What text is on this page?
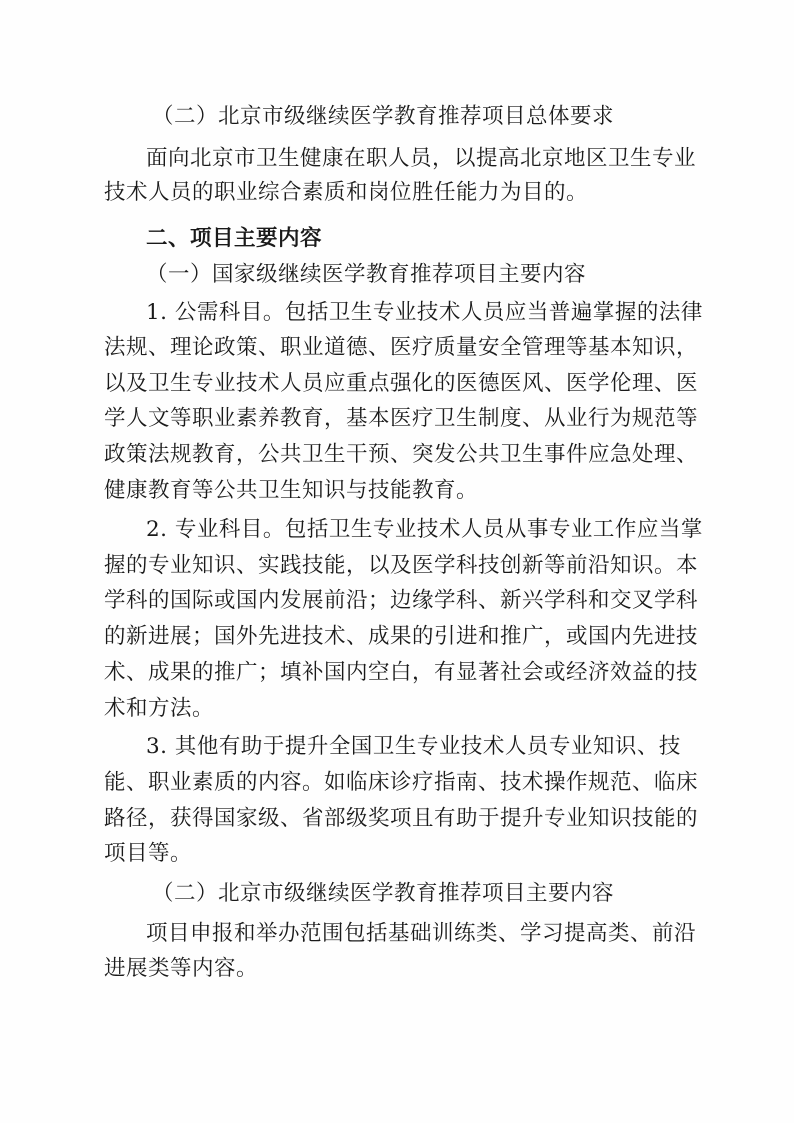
（二）北京市级继续医学教育推荐项目总体要求
面向北京市卫生健康在职人员，以提高北京地区卫生专业
技术人员的职业综合素质和岗位胜任能力为目的。
二、项目主要内容
（一）国家级继续医学教育推荐项目主要内容
1. 公需科目。包括卫生专业技术人员应当普遍掌握的法律
法规、理论政策、职业道德、医疗质量安全管理等基本知识，
以及卫生专业技术人员应重点强化的医德医风、医学伦理、医
学人文等职业素养教育，基本医疗卫生制度、从业行为规范等
政策法规教育，公共卫生干预、突发公共卫生事件应急处理、
健康教育等公共卫生知识与技能教育。
2. 专业科目。包括卫生专业技术人员从事专业工作应当掌
握的专业知识、实践技能，以及医学科技创新等前沿知识。本
学科的国际或国内发展前沿；边缘学科、新兴学科和交叉学科
的新进展；国外先进技术、成果的引进和推广，或国内先进技
术、成果的推广；填补国内空白，有显著社会或经济效益的技
术和方法。
3. 其他有助于提升全国卫生专业技术人员专业知识、技
能、职业素质的内容。如临床诊疗指南、技术操作规范、临床
路径，获得国家级、省部级奖项且有助于提升专业知识技能的
项目等。
（二）北京市级继续医学教育推荐项目主要内容
项目申报和举办范围包括基础训练类、学习提高类、前沿
进展类等内容。
